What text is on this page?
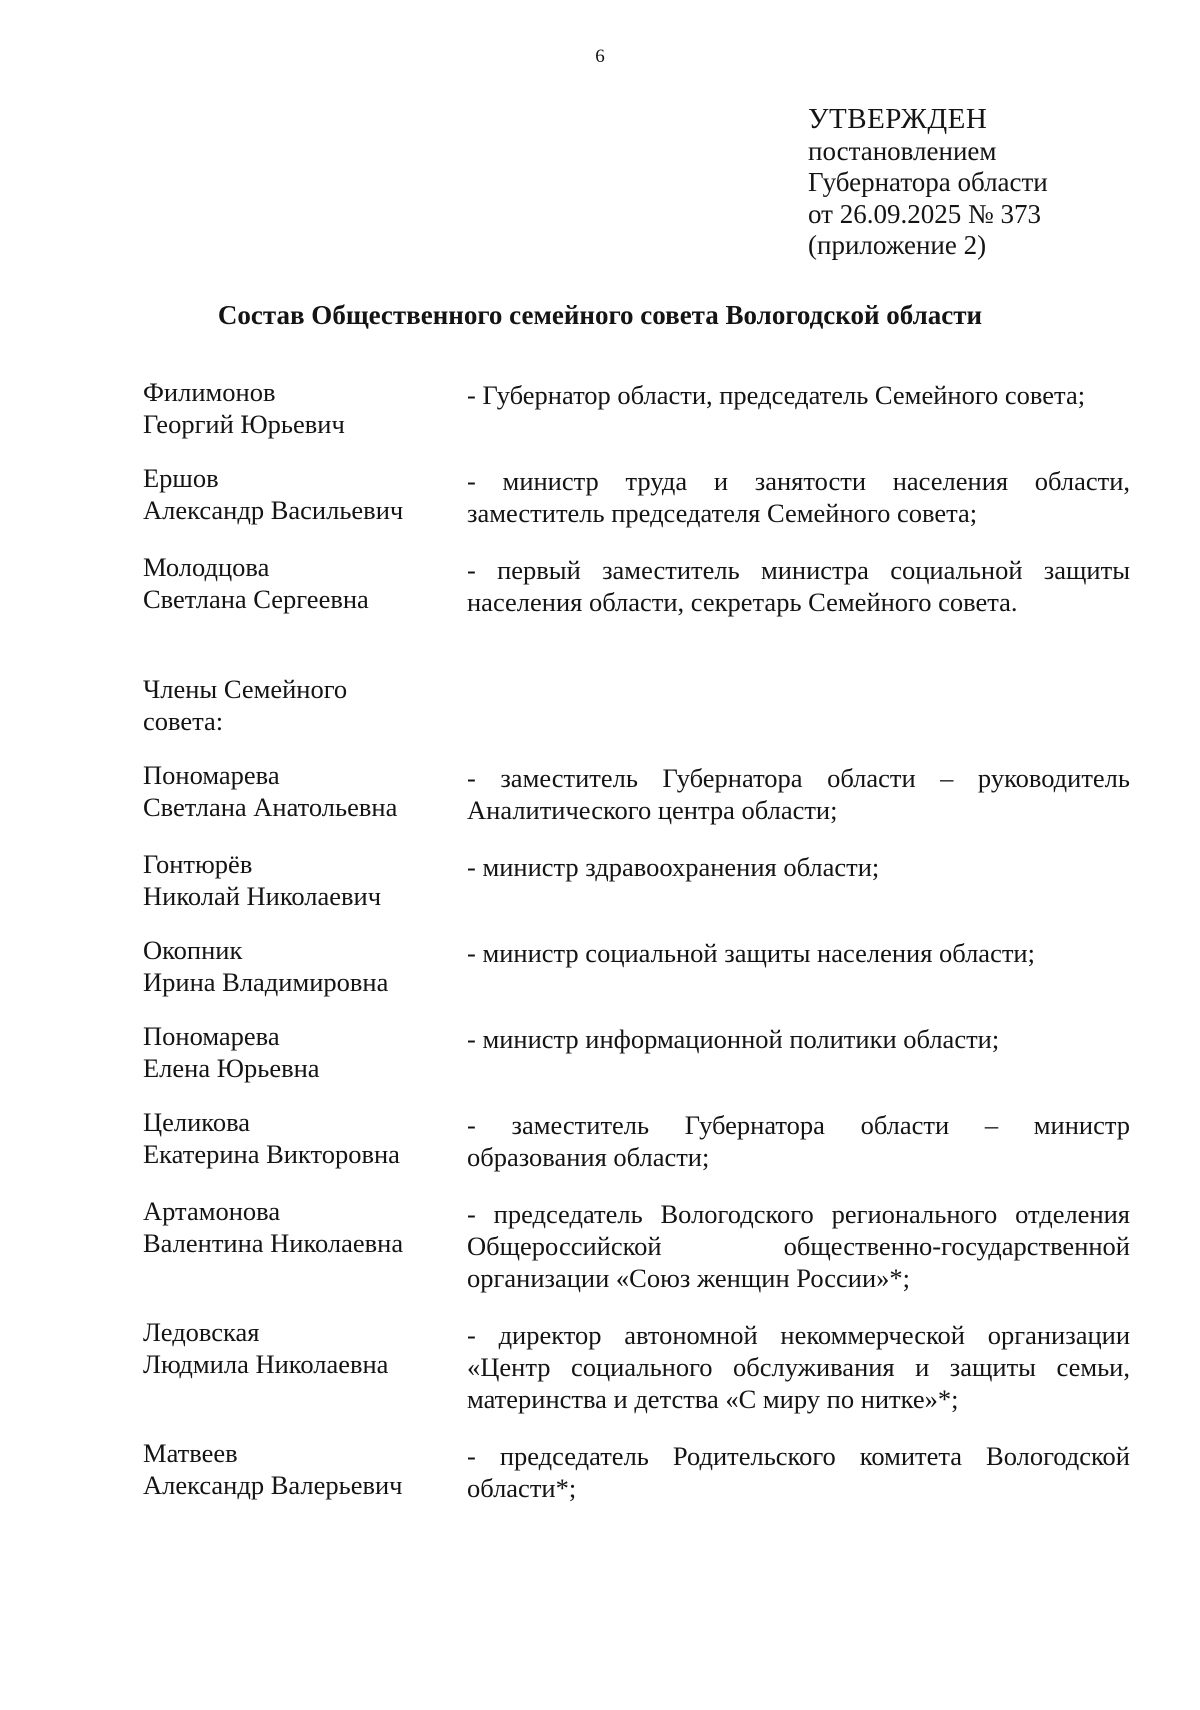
6
УТВЕРЖДЕН
постановлением
Губернатора области
от 26.09.2025 № 373
(приложение 2)
Состав Общественного семейного совета Вологодской области
Филимонов
Георгий Юрьевич
- Губернатор области, председатель Семейного совета;
Ершов
Александр Васильевич
- министр труда и занятости населения области, заместитель председателя Семейного совета;
Молодцова
Светлана Сергеевна
- первый заместитель министра социальной защиты населения области, секретарь Семейного совета.
Члены Семейного совета:
Пономарева
Светлана Анатольевна
- заместитель Губернатора области – руководитель Аналитического центра области;
Гонтюрёв
Николай Николаевич
- министр здравоохранения области;
Окопник
Ирина Владимировна
- министр социальной защиты населения области;
Пономарева
Елена Юрьевна
- министр информационной политики области;
Целикова
Екатерина Викторовна
- заместитель Губернатора области – министр образования области;
Артамонова
Валентина Николаевна
- председатель Вологодского регионального отделения Общероссийской общественно-государственной организации «Союз женщин России»*;
Ледовская
Людмила Николаевна
- директор автономной некоммерческой организации «Центр социального обслуживания и защиты семьи, материнства и детства «С миру по нитке»*;
Матвеев
Александр Валерьевич
- председатель Родительского комитета Вологодской области*;
